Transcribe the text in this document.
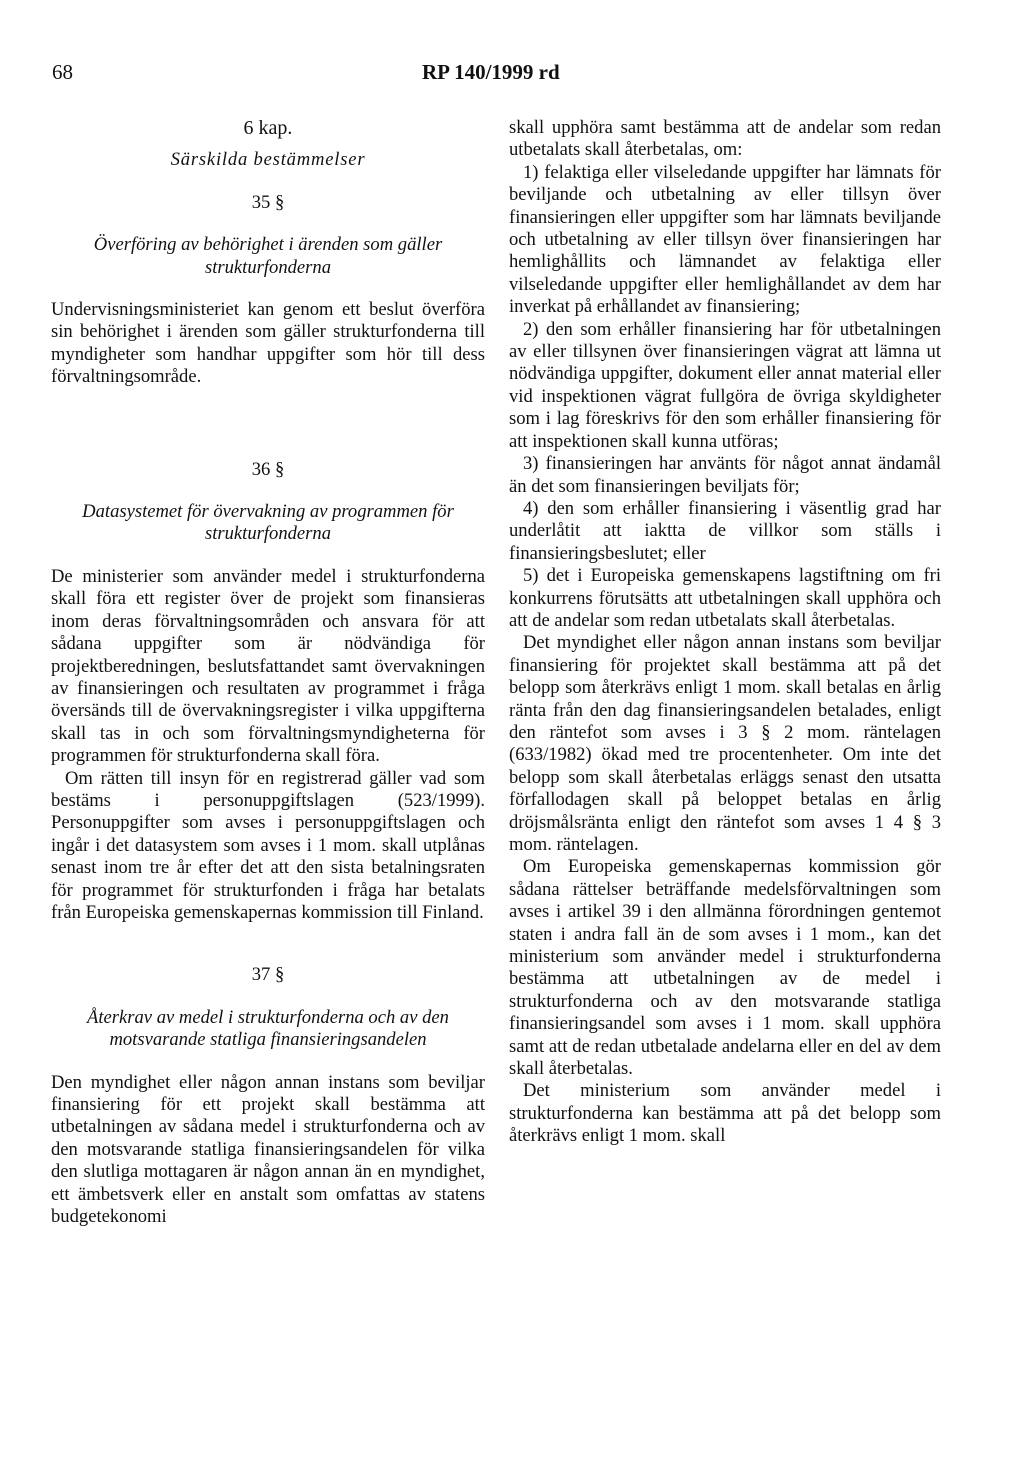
68	RP 140/1999 rd
6 kap.
Särskilda bestämmelser
35 §
Överföring av behörighet i ärenden som gäller strukturfonderna

Undervisningsministeriet kan genom ett beslut överföra sin behörighet i ärenden som gäller strukturfonderna till myndigheter som handhar uppgifter som hör till dess förvaltningsområde.

36 §
Datasystemet för övervakning av programmen för strukturfonderna

De ministerier som använder medel i strukturfonderna skall föra ett register över de projekt som finansieras inom deras förvaltningsområden och ansvara för att sådana uppgifter som är nödvändiga för projektberedningen, beslutsfattandet samt övervakningen av finansieringen och resultaten av programmet i fråga översänds till de övervakningsregister i vilka uppgifterna skall tas in och som förvaltningsmyndigheterna för programmen för strukturfonderna skall föra.

Om rätten till insyn för en registrerad gäller vad som bestäms i personuppgiftslagen (523/1999). Personuppgifter som avses i personuppgiftslagen och ingår i det datasystem som avses i 1 mom. skall utplånas senast inom tre år efter det att den sista betalningsraten för programmet för strukturfonden i fråga har betalats från Europeiska gemenskapernas kommission till Finland.

37 §
Återkrav av medel i strukturfonderna och av den motsvarande statliga finansieringsandelen

Den myndighet eller någon annan instans som beviljar finansiering för ett projekt skall bestämma att utbetalningen av sådana medel i strukturfonderna och av den motsvarande statliga finansieringsandelen för vilka den slutliga mottagaren är någon annan än en myndighet, ett ämbetsverk eller en anstalt som omfattas av statens budgetekonomi

skall upphöra samt bestämma att de andelar som redan utbetalats skall återbetalas, om:

1) felaktiga eller vilseledande uppgifter har lämnats för beviljande och utbetalning av eller tillsyn över finansieringen eller uppgifter som har lämnats beviljande och utbetalning av eller tillsyn över finansieringen har hemlighållits och lämnandet av felaktiga eller vilseledande uppgifter eller hemlighållandet av dem har inverkat på erhållandet av finansiering;

2) den som erhåller finansiering har för utbetalningen av eller tillsynen över finansieringen vägrat att lämna ut nödvändiga uppgifter, dokument eller annat material eller vid inspektionen vägrat fullgöra de övriga skyldigheter som i lag föreskrivs för den som erhåller finansiering för att inspektionen skall kunna utföras;

3) finansieringen har använts för något annat ändamål än det som finansieringen beviljats för;

4) den som erhåller finansiering i väsentlig grad har underlåtit att iaktta de villkor som ställs i finansieringsbeslutet; eller

5) det i Europeiska gemenskapens lagstiftning om fri konkurrens förutsätts att utbetalningen skall upphöra och att de andelar som redan utbetalats skall återbetalas.

Det myndighet eller någon annan instans som beviljar finansiering för projektet skall bestämma att på det belopp som återkrävs enligt 1 mom. skall betalas en årlig ränta från den dag finansieringsandelen betalades, enligt den räntefot som avses i 3 § 2 mom. räntelagen (633/1982) ökad med tre procentenheter. Om inte det belopp som skall återbetalas erläggs senast den utsatta förfallodagen skall på beloppet betalas en årlig dröjsmålsränta enligt den räntefot som avses 1 4 § 3 mom. räntelagen.

Om Europeiska gemenskapernas kommission gör sådana rättelser beträffande medelsförvaltningen som avses i artikel 39 i den allmänna förordningen gentemot staten i andra fall än de som avses i 1 mom., kan det ministerium som använder medel i strukturfonderna bestämma att utbetalningen av de medel i strukturfonderna och av den motsvarande statliga finansieringsandel som avses i 1 mom. skall upphöra samt att de redan utbetalade andelarna eller en del av dem skall återbetalas.

Det ministerium som använder medel i strukturfonderna kan bestämma att på det belopp som återkrävs enligt 1 mom. skall
